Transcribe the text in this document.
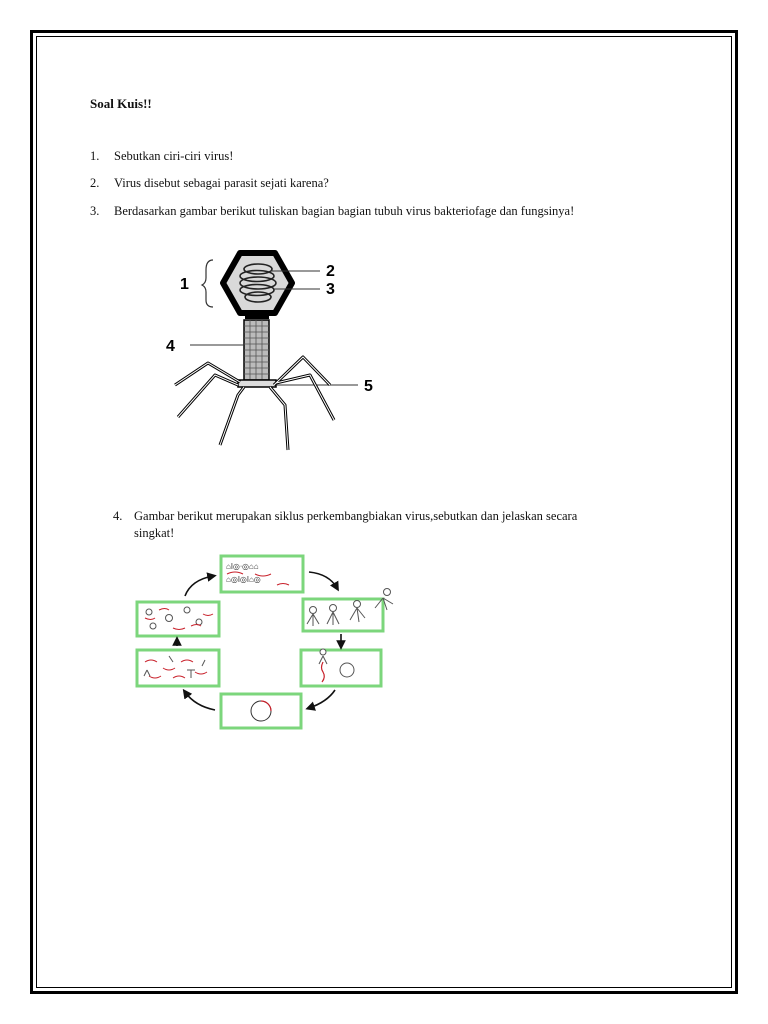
Soal Kuis!!
1. Sebutkan ciri-ciri virus!
2. Virus disebut sebagai parasit sejati karena?
3. Berdasarkan gambar berikut tuliskan bagian bagian tubuh virus bakteriofage dan fungsinya!
1
2
3
4
5
4. Gambar berikut merupakan siklus perkembangbiakan virus,sebutkan dan jelaskan secara
singkat!
⌂ǀ◎ᐧ◎⌂⌂
⌂◎ǀ◎ǀ⌂◎
